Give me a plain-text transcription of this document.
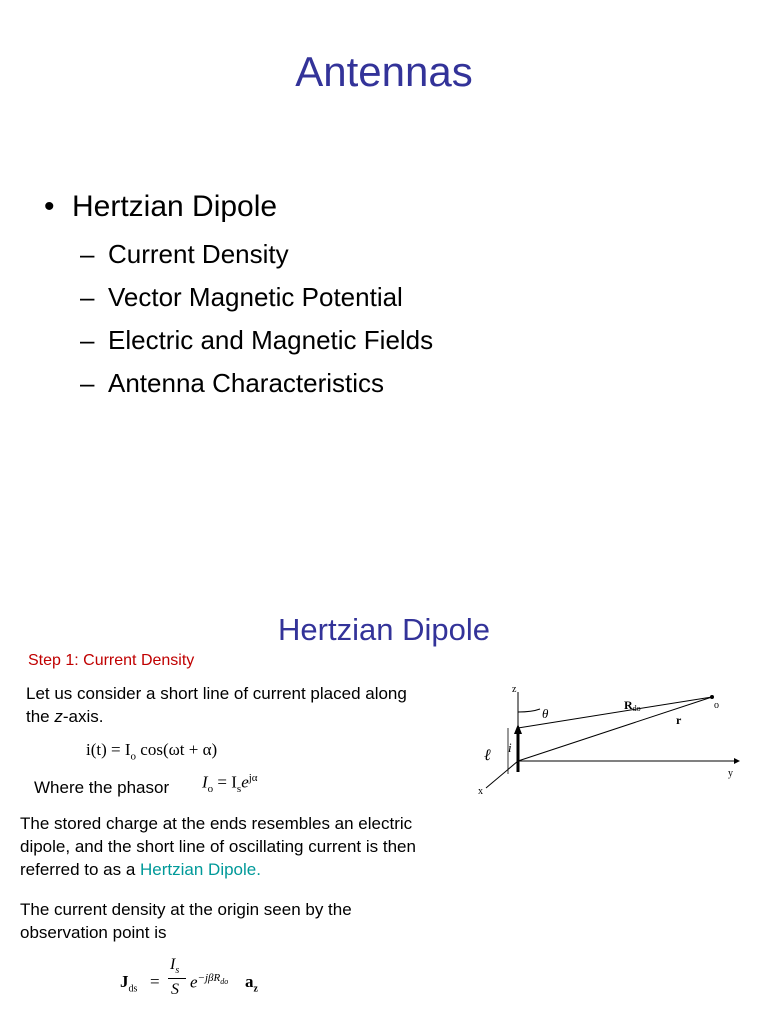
Antennas
• Hertzian Dipole
– Current Density
– Vector Magnetic Potential
– Electric and Magnetic Fields
– Antenna Characteristics
Hertzian Dipole
Step 1: Current Density
Let us consider a short line of current placed along
the z-axis.
$i(t) = I_o$ cos(ωt + α)
Where the phasor $I_o = I_se^{j\alpha}$
The stored charge at the ends resembles an electric
dipole, and the short line of oscillating current is then
referred to as a Hertzian Dipole.
The current density at the origin seen by the
observation point is
$J_{ds}$ =
$I_s$
S $e^{-j\beta R_{do}}$ $a_z$
z
y
x
θ
Rdo
r
o
i
ℓ
